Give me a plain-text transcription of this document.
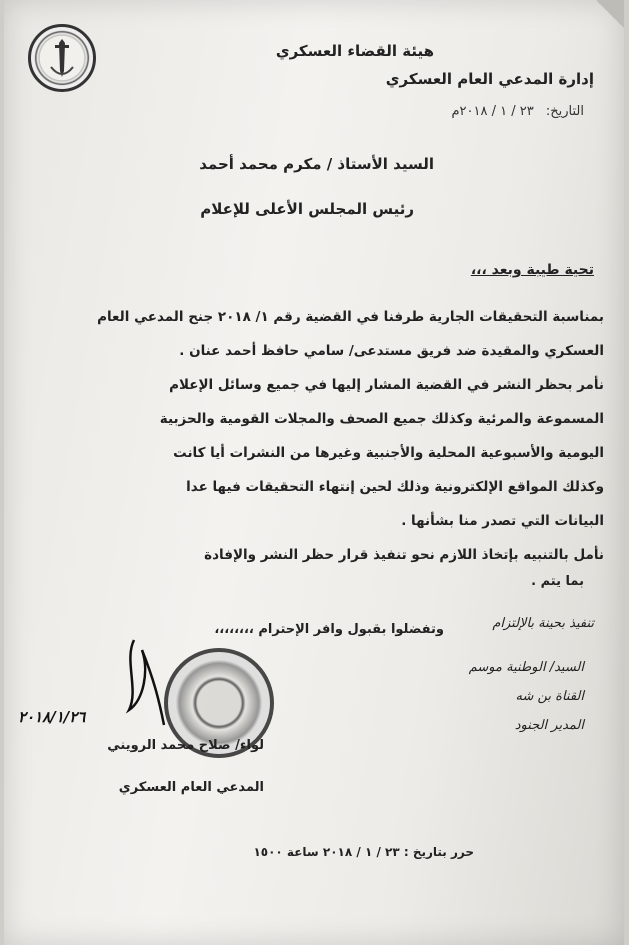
هيئة القضاء العسكري
إدارة المدعي العام العسكري
التاريخ: ٢٣ / ١ / ٢٠١٨م
السيد الأستاذ / مكرم محمد أحمد
رئيس المجلس الأعلى للإعلام
تحية طيبة وبعد ،،،
بمناسبة التحقيقات الجارية طرفنا في القضية رقم ١/ ٢٠١٨ جنح المدعي العام
العسكري والمقيدة ضد فريق مستدعى/ سامي حافظ أحمد عنان .
نأمر بحظر النشر في القضية المشار إليها في جميع وسائل الإعلام
المسموعة والمرئية وكذلك جميع الصحف والمجلات القومية والحزبية
اليومية والأسبوعية المحلية والأجنبية وغيرها من النشرات أيا كانت
وكذلك المواقع الإلكترونية وذلك لحين إنتهاء التحقيقات فيها عدا
البيانات التي تصدر منا بشأنها .
نأمل بالتنبيه بإتخاذ اللازم نحو تنفيذ قرار حظر النشر والإفادة
بما يتم .
وتفضلوا بقبول وافر الإحترام ،،،،،،،،	تنفيذ بحينة بالإلتزام
السيد/ الوطنية موسم
القناة بن شه
المدير الجنود
٢٠١٨/١/٢٦
لواء/ صلاح محمد الرويني
المدعي العام العسكري
حرر بتاريخ : ٢٣ / ١ / ٢٠١٨ ساعة ١٥٠٠
